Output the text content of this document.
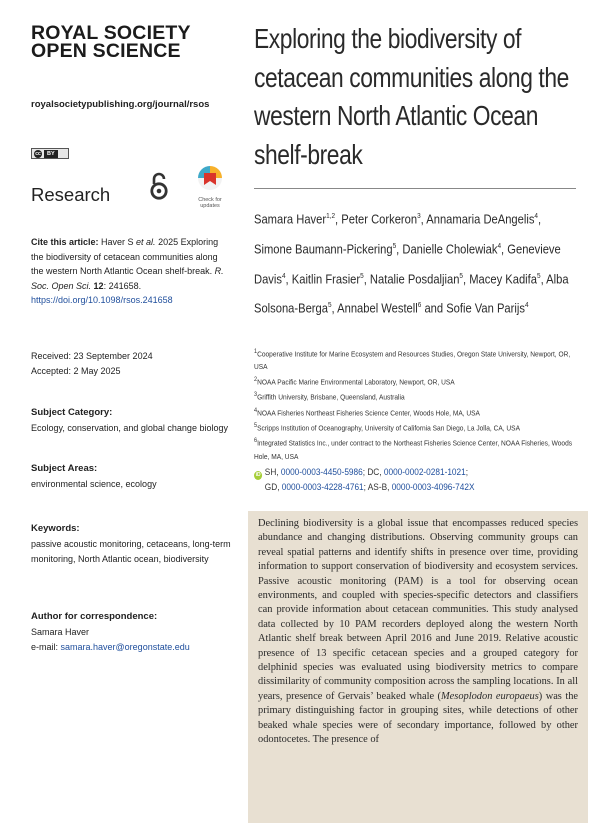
ROYAL SOCIETY
OPEN SCIENCE
royalsocietypublishing.org/journal/rsos
cc	BY
Research	Check for updates
Cite this article: Haver S et al. 2025 Exploring the biodiversity of cetacean communities along the western North Atlantic Ocean shelf-break. R. Soc. Open Sci. 12: 241658.
https://doi.org/10.1098/rsos.241658
Received: 23 September 2024
Accepted: 2 May 2025
Subject Category:
Ecology, conservation, and global change biology
Subject Areas:
environmental science, ecology
Keywords:
passive acoustic monitoring, cetaceans, long-term monitoring, North Atlantic ocean, biodiversity
Author for correspondence:
Samara Haver
e-mail: samara.haver@oregonstate.edu
Exploring the biodiversity of cetacean communities along the western North Atlantic Ocean shelf-break
Samara Haver$^{1,2}$, Peter Corkeron$^3$, Annamaria DeAngelis$^4$, Simone Baumann-Pickering$^5$, Danielle Cholewiak$^4$, Genevieve Davis$^4$, Kaitlin Frasier$^5$, Natalie Posdaljian$^5$, Macey Kadifa$^5$, Alba Solsona-Berga$^5$, Annabel Westell$^6$ and Sofie Van Parijs$^4$
$^1$Cooperative Institute for Marine Ecosystem and Resources Studies, Oregon State University, Newport, OR, USA
$^2$NOAA Pacific Marine Environmental Laboratory, Newport, OR, USA
$^3$Griffith University, Brisbane, Queensland, Australia
$^4$NOAA Fisheries Northeast Fisheries Science Center, Woods Hole, MA, USA
$^5$Scripps Institution of Oceanography, University of California San Diego, La Jolla, CA, USA
$^6$Integrated Statistics Inc., under contract to the Northeast Fisheries Science Center, NOAA Fisheries, Woods Hole, MA, USA
iD SH, 0000-0003-4450-5986; DC, 0000-0002-0281-1021;
GD, 0000-0003-4228-4761; AS-B, 0000-0003-4096-742X
Declining biodiversity is a global issue that encompasses reduced species abundance and changing distributions. Observing community groups can reveal spatial patterns and identify shifts in presence over time, providing information to support conservation of biodiversity and ecosystem services. Passive acoustic monitoring (PAM) is a tool for observing ocean environments, and coupled with species-specific detectors and classifiers can provide information about cetacean communities. This study analysed data collected by 10 PAM recorders deployed along the western North Atlantic shelf break between April 2016 and June 2019. Relative acoustic presence of 13 specific cetacean species and a grouped category for delphinid species was evaluated using biodiversity metrics to compare dissimilarity of community composition across the sampling locations. In all years, presence of Gervais’ beaked whale (Mesoplodon europaeus) was the primary distinguishing factor in grouping sites, while detections of other beaked whale species were of secondary importance, followed by other odontocetes. The presence of
